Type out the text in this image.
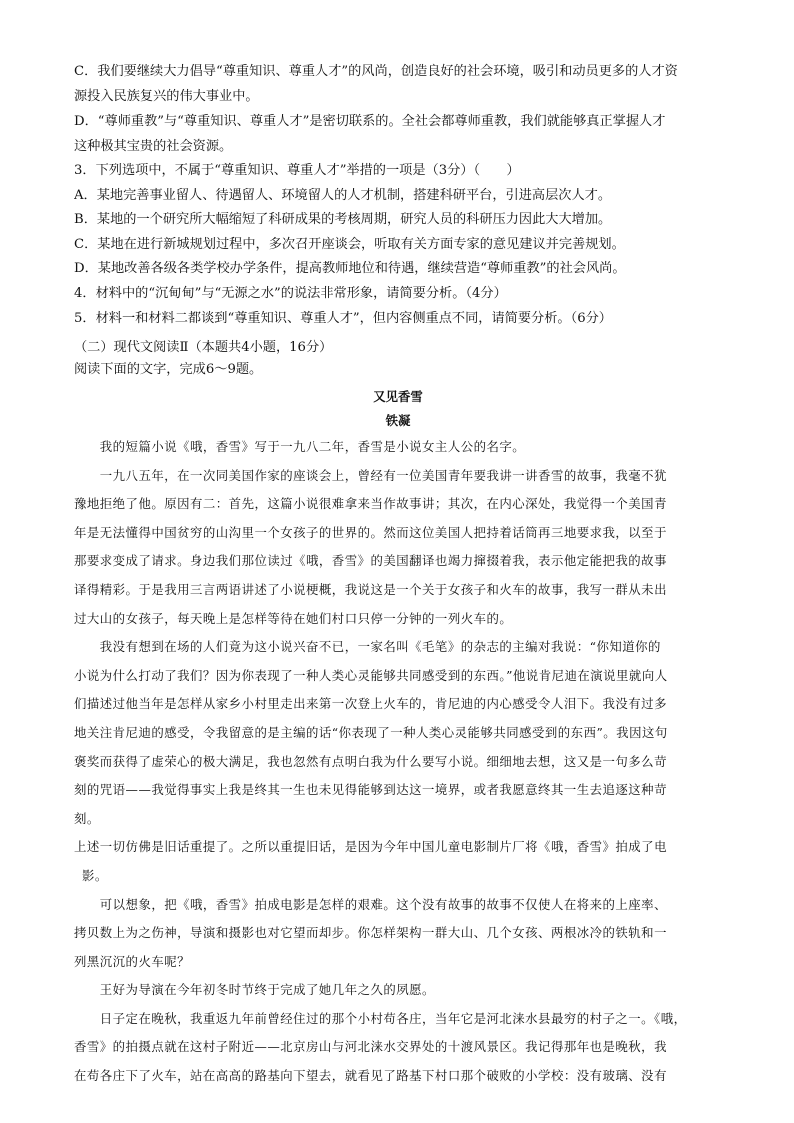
C．我们要继续大力倡导“尊重知识、尊重人才”的风尚，创造良好的社会环境，吸引和动员更多的人才资
源投入民族复兴的伟大事业中。
D．“尊师重教”与“尊重知识、尊重人才”是密切联系的。全社会都尊师重教，我们就能够真正掌握人才
这种极其宝贵的社会资源。
3．下列选项中，不属于“尊重知识、尊重人才”举措的一项是（3分）（　　）
A．某地完善事业留人、待遇留人、环境留人的人才机制，搭建科研平台，引进高层次人才。
B．某地的一个研究所大幅缩短了科研成果的考核周期，研究人员的科研压力因此大大增加。
C．某地在进行新城规划过程中，多次召开座谈会，听取有关方面专家的意见建议并完善规划。
D．某地改善各级各类学校办学条件，提高教师地位和待遇，继续营造“尊师重教”的社会风尚。
4．材料中的“沉甸甸”与“无源之水”的说法非常形象，请简要分析。（4分）
5．材料一和材料二都谈到“尊重知识、尊重人才”，但内容侧重点不同，请简要分析。（6分）
（二）现代文阅读Ⅱ（本题共4小题，16分）
阅读下面的文字，完成6～9题。
又见香雪
铁凝
　　我的短篇小说《哦，香雪》写于一九八二年，香雪是小说女主人公的名字。
　　一九八五年，在一次同美国作家的座谈会上，曾经有一位美国青年要我讲一讲香雪的故事，我毫不犹
豫地拒绝了他。原因有二：首先，这篇小说很难拿来当作故事讲；其次，在内心深处，我觉得一个美国青
年是无法懂得中国贫穷的山沟里一个女孩子的世界的。然而这位美国人把持着话筒再三地要求我，以至于
那要求变成了请求。身边我们那位读过《哦，香雪》的美国翻译也竭力撺掇着我，表示他定能把我的故事
译得精彩。于是我用三言两语讲述了小说梗概，我说这是一个关于女孩子和火车的故事，我写一群从未出
过大山的女孩子，每天晚上是怎样等待在她们村口只停一分钟的一列火车的。
　　我没有想到在场的人们竟为这小说兴奋不已，一家名叫《毛笔》的杂志的主编对我说：“你知道你的
小说为什么打动了我们？因为你表现了一种人类心灵能够共同感受到的东西。”他说肯尼迪在演说里就向人
们描述过他当年是怎样从家乡小村里走出来第一次登上火车的，肯尼迪的内心感受令人泪下。我没有过多
地关注肯尼迪的感受，令我留意的是主编的话“你表现了一种人类心灵能够共同感受到的东西”。我因这句
褒奖而获得了虚荣心的极大满足，我也忽然有点明白我为什么要写小说。细细地去想，这又是一句多么苛
刻的咒语——我觉得事实上我是终其一生也未见得能够到达这一境界，或者我愿意终其一生去追逐这种苛
刻。
上述一切仿佛是旧话重提了。之所以重提旧话，是因为今年中国儿童电影制片厂将《哦，香雪》拍成了电
影。
　　可以想象，把《哦，香雪》拍成电影是怎样的艰难。这个没有故事的故事不仅使人在将来的上座率、
拷贝数上为之伤神，导演和摄影也对它望而却步。你怎样架构一群大山、几个女孩、两根冰冷的铁轨和一
列黑沉沉的火车呢？
　　王好为导演在今年初冬时节终于完成了她几年之久的夙愿。
　　日子定在晚秋，我重返九年前曾经住过的那个小村苟各庄，当年它是河北涞水县最穷的村子之一。《哦，
香雪》的拍摄点就在这村子附近——北京房山与河北涞水交界处的十渡风景区。我记得那年也是晚秋，我
在苟各庄下了火车，站在高高的路基向下望去，就看见了路基下村口那个破败的小学校：没有玻璃、没有
